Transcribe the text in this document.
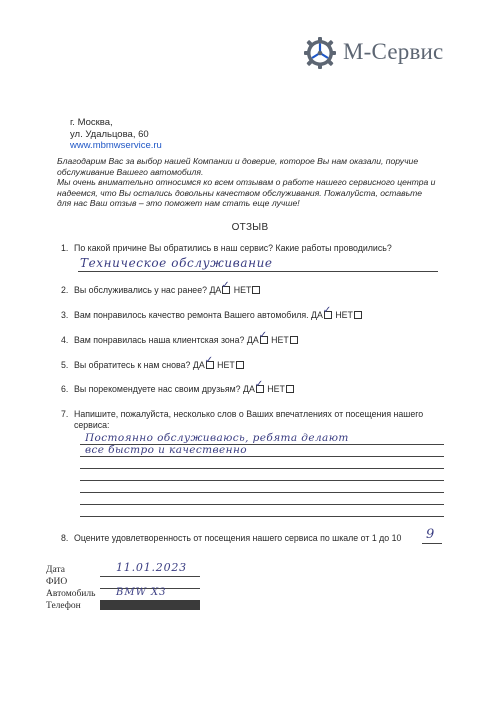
М-Сервис
г. Москва,
ул. Удальцова, 60
www.mbmwservice.ru

Благодарим Вас за выбор нашей Компании и доверие, которое Вы нам оказали, поручие обслуживание Вашего автомобиля.

Мы очень внимательно относимся ко всем отзывам о работе нашего сервисного центра и надеемся, что Вы остались довольны качеством обслуживания. Пожалуйста, оставьте для нас Ваш отзыв – это поможет нам стать еще лучше!

ОТЗЫВ
1. По какой причине Вы обратились в наш сервис? Какие работы проводились?
Техническое обслуживание
2. Вы обслуживались у нас ранее? ДА ✓ НЕТ
3. Вам понравилось качество ремонта Вашего автомобиля. ДА ✓ НЕТ
4. Вам понравилась наша клиентская зона? ДА ✓ НЕТ
5. Вы обратитесь к нам снова? ДА ✓ НЕТ
6. Вы порекомендуете нас своим друзьям? ДА ✓ НЕТ
7. Напишите, пожалуйста, несколько слов о Ваших впечатлениях от посещения нашего
сервиса:
Постоянно обслуживаюсь, ребята делают
все быстро и качественно
8. Оцените удовлетворенность от посещения нашего сервиса по шкале от 1 до 10 9
Дата	11.01.2023
ФИО
Автомобиль BMW X3
Телефон
